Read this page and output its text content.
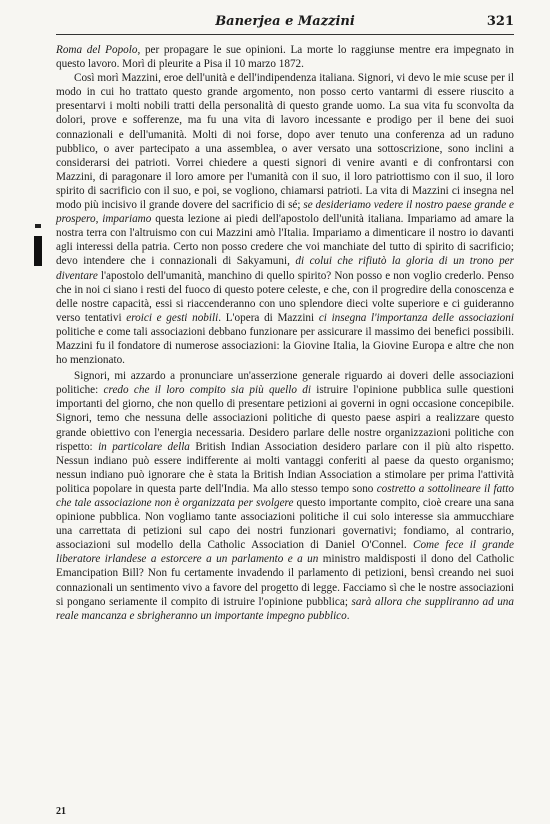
Banerjea e Mazzini	321

Roma del Popolo, per propagare le sue opinioni. La morte lo raggiunse mentre era impegnato in questo lavoro. Morì di pleurite a Pisa il 10 marzo 1872.

Così morì Mazzini, eroe dell'unità e dell'indipendenza italiana. Signori, vi devo le mie scuse per il modo in cui ho trattato questo grande argomento, non posso certo vantarmi di essere riuscito a presentarvi i molti nobili tratti della personalità di questo grande uomo. La sua vita fu sconvolta da dolori, prove e sofferenze, ma fu una vita di lavoro incessante e prodigo per il bene dei suoi connazionali e dell'umanità. Molti di noi forse, dopo aver tenuto una conferenza ad un raduno pubblico, o aver partecipato a una assemblea, o aver versato una sottoscrizione, sono inclini a considerarsi dei patrioti. Vorrei chiedere a questi signori di venire avanti e di confrontarsi con Mazzini, di paragonare il loro amore per l'umanità con il suo, il loro patriottismo con il suo, il loro spirito di sacrificio con il suo, e poi, se vogliono, chiamarsi patrioti. La vita di Mazzini ci insegna nel modo più incisivo il grande dovere del sacrificio di sé; se desideriamo vedere il nostro paese grande e prospero, impariamo questa lezione ai piedi dell'apostolo dell'unità italiana. Impariamo ad amare la nostra terra con l'altruismo con cui Mazzini amò l'Italia. Impariamo a dimenticare il nostro io davanti agli interessi della patria. Certo non posso credere che voi manchiate del tutto di spirito di sacrificio; devo intendere che i connazionali di Sakyamuni, di colui che rifiutò la gloria di un trono per diventare l'apostolo dell'umanità, manchino di quello spirito? Non posso e non voglio crederlo. Penso che in noi ci siano i resti del fuoco di questo potere celeste, e che, con il progredire della conoscenza e delle nostre capacità, essi si riaccenderanno con uno splendore dieci volte superiore e ci guideranno verso tentativi eroici e gesti nobili. L'opera di Mazzini ci insegna l'importanza delle associazioni politiche e come tali associazioni debbano funzionare per assicurare il massimo dei benefici possibili. Mazzini fu il fondatore di numerose associazioni: la Giovine Italia, la Giovine Europa e altre che non ho menzionato.

Signori, mi azzardo a pronunciare un'asserzione generale riguardo ai doveri delle associazioni politiche: credo che il loro compito sia più quello di istruire l'opinione pubblica sulle questioni importanti del giorno, che non quello di presentare petizioni ai governi in ogni occasione concepibile. Signori, temo che nessuna delle associazioni politiche di questo paese aspiri a realizzare questo grande obiettivo con l'energia necessaria. Desidero parlare delle nostre organizzazioni politiche con rispetto: in particolare della British Indian Association desidero parlare con il più alto rispetto. Nessun indiano può essere indifferente ai molti vantaggi conferiti al paese da questo organismo; nessun indiano può ignorare che è stata la British Indian Association a stimolare per prima l'attività politica popolare in questa parte dell'India. Ma allo stesso tempo sono costretto a sottolineare il fatto che tale associazione non è organizzata per svolgere questo importante compito, cioè creare una sana opinione pubblica. Non vogliamo tante associazioni politiche il cui solo interesse sia ammucchiare una carrettata di petizioni sul capo dei nostri funzionari governativi; fondiamo, al contrario, associazioni sul modello della Catholic Association di Daniel O'Connel. Come fece il grande liberatore irlandese a estorcere a un parlamento e a un ministro maldisposti il dono del Catholic Emancipation Bill? Non fu certamente invadendo il parlamento di petizioni, bensì creando nei suoi connazionali un sentimento vivo a favore del progetto di legge. Facciamo sì che le nostre associazioni si pongano seriamente il compito di istruire l'opinione pubblica; sarà allora che suppliranno ad una reale mancanza e sbrigheranno un importante impegno pubblico.

21
